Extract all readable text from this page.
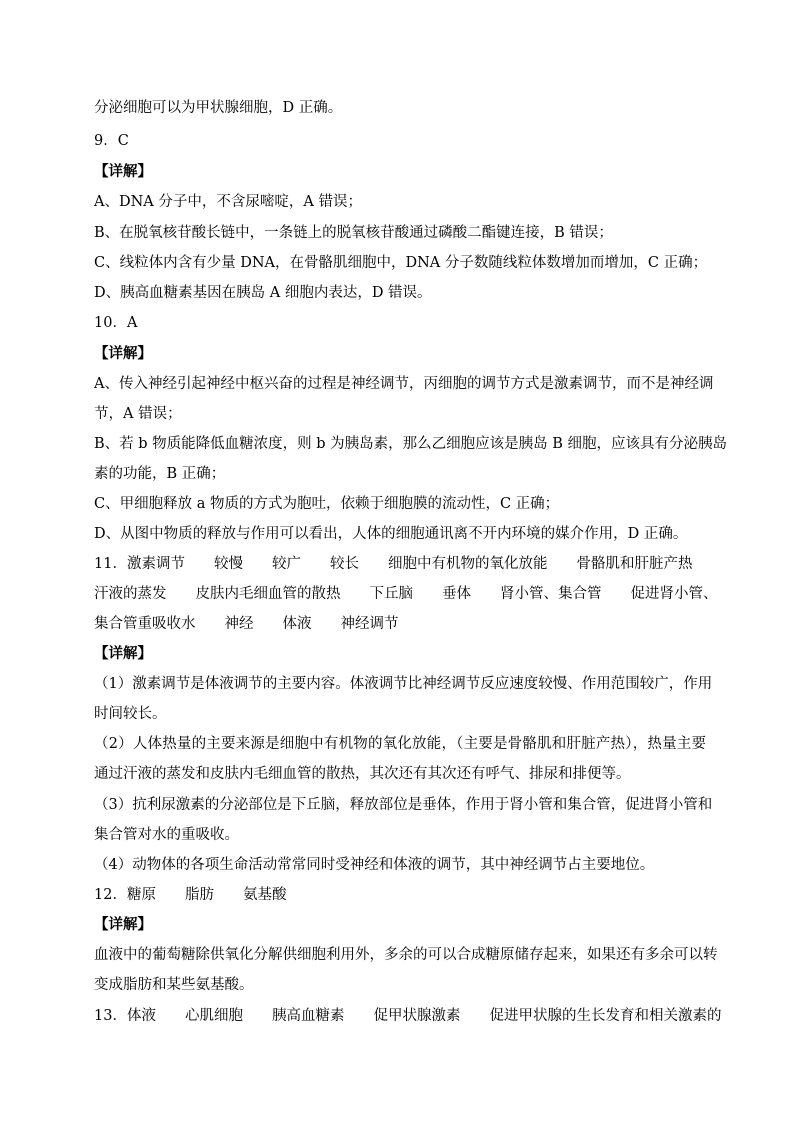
分泌细胞可以为甲状腺细胞，D 正确。
9．C
【详解】
A、DNA 分子中，不含尿嘧啶，A 错误；
B、在脱氧核苷酸长链中，一条链上的脱氧核苷酸通过磷酸二酯键连接，B 错误；
C、线粒体内含有少量 DNA，在骨骼肌细胞中，DNA 分子数随线粒体数增加而增加，C 正确；
D、胰高血糖素基因在胰岛 A 细胞内表达，D 错误。
10．A
【详解】
A、传入神经引起神经中枢兴奋的过程是神经调节，丙细胞的调节方式是激素调节，而不是神经调
节，A 错误；
B、若 b 物质能降低血糖浓度，则 b 为胰岛素，那么乙细胞应该是胰岛 B 细胞，应该具有分泌胰岛
素的功能，B 正确；
C、甲细胞释放 a 物质的方式为胞吐，依赖于细胞膜的流动性，C 正确；
D、从图中物质的释放与作用可以看出，人体的细胞通讯离不开内环境的媒介作用，D 正确。
11．激素调节　　较慢　　较广　　较长　　细胞中有机物的氧化放能　　骨骼肌和肝脏产热
汗液的蒸发　　皮肤内毛细血管的散热　　下丘脑　　垂体　　肾小管、集合管　　促进肾小管、
集合管重吸收水　　神经　　体液　　神经调节
【详解】
（1）激素调节是体液调节的主要内容。体液调节比神经调节反应速度较慢、作用范围较广，作用
时间较长。
（2）人体热量的主要来源是细胞中有机物的氧化放能，（主要是骨骼肌和肝脏产热），热量主要
通过汗液的蒸发和皮肤内毛细血管的散热，其次还有其次还有呼气、排尿和排便等。
（3）抗利尿激素的分泌部位是下丘脑，释放部位是垂体，作用于肾小管和集合管，促进肾小管和
集合管对水的重吸收。
（4）动物体的各项生命活动常常同时受神经和体液的调节，其中神经调节占主要地位。
12．糖原　　脂肪　　氨基酸
【详解】
血液中的葡萄糖除供氧化分解供细胞利用外，多余的可以合成糖原储存起来，如果还有多余可以转
变成脂肪和某些氨基酸。
13．体液　　心肌细胞　　胰高血糖素　　促甲状腺激素　　促进甲状腺的生长发育和相关激素的
